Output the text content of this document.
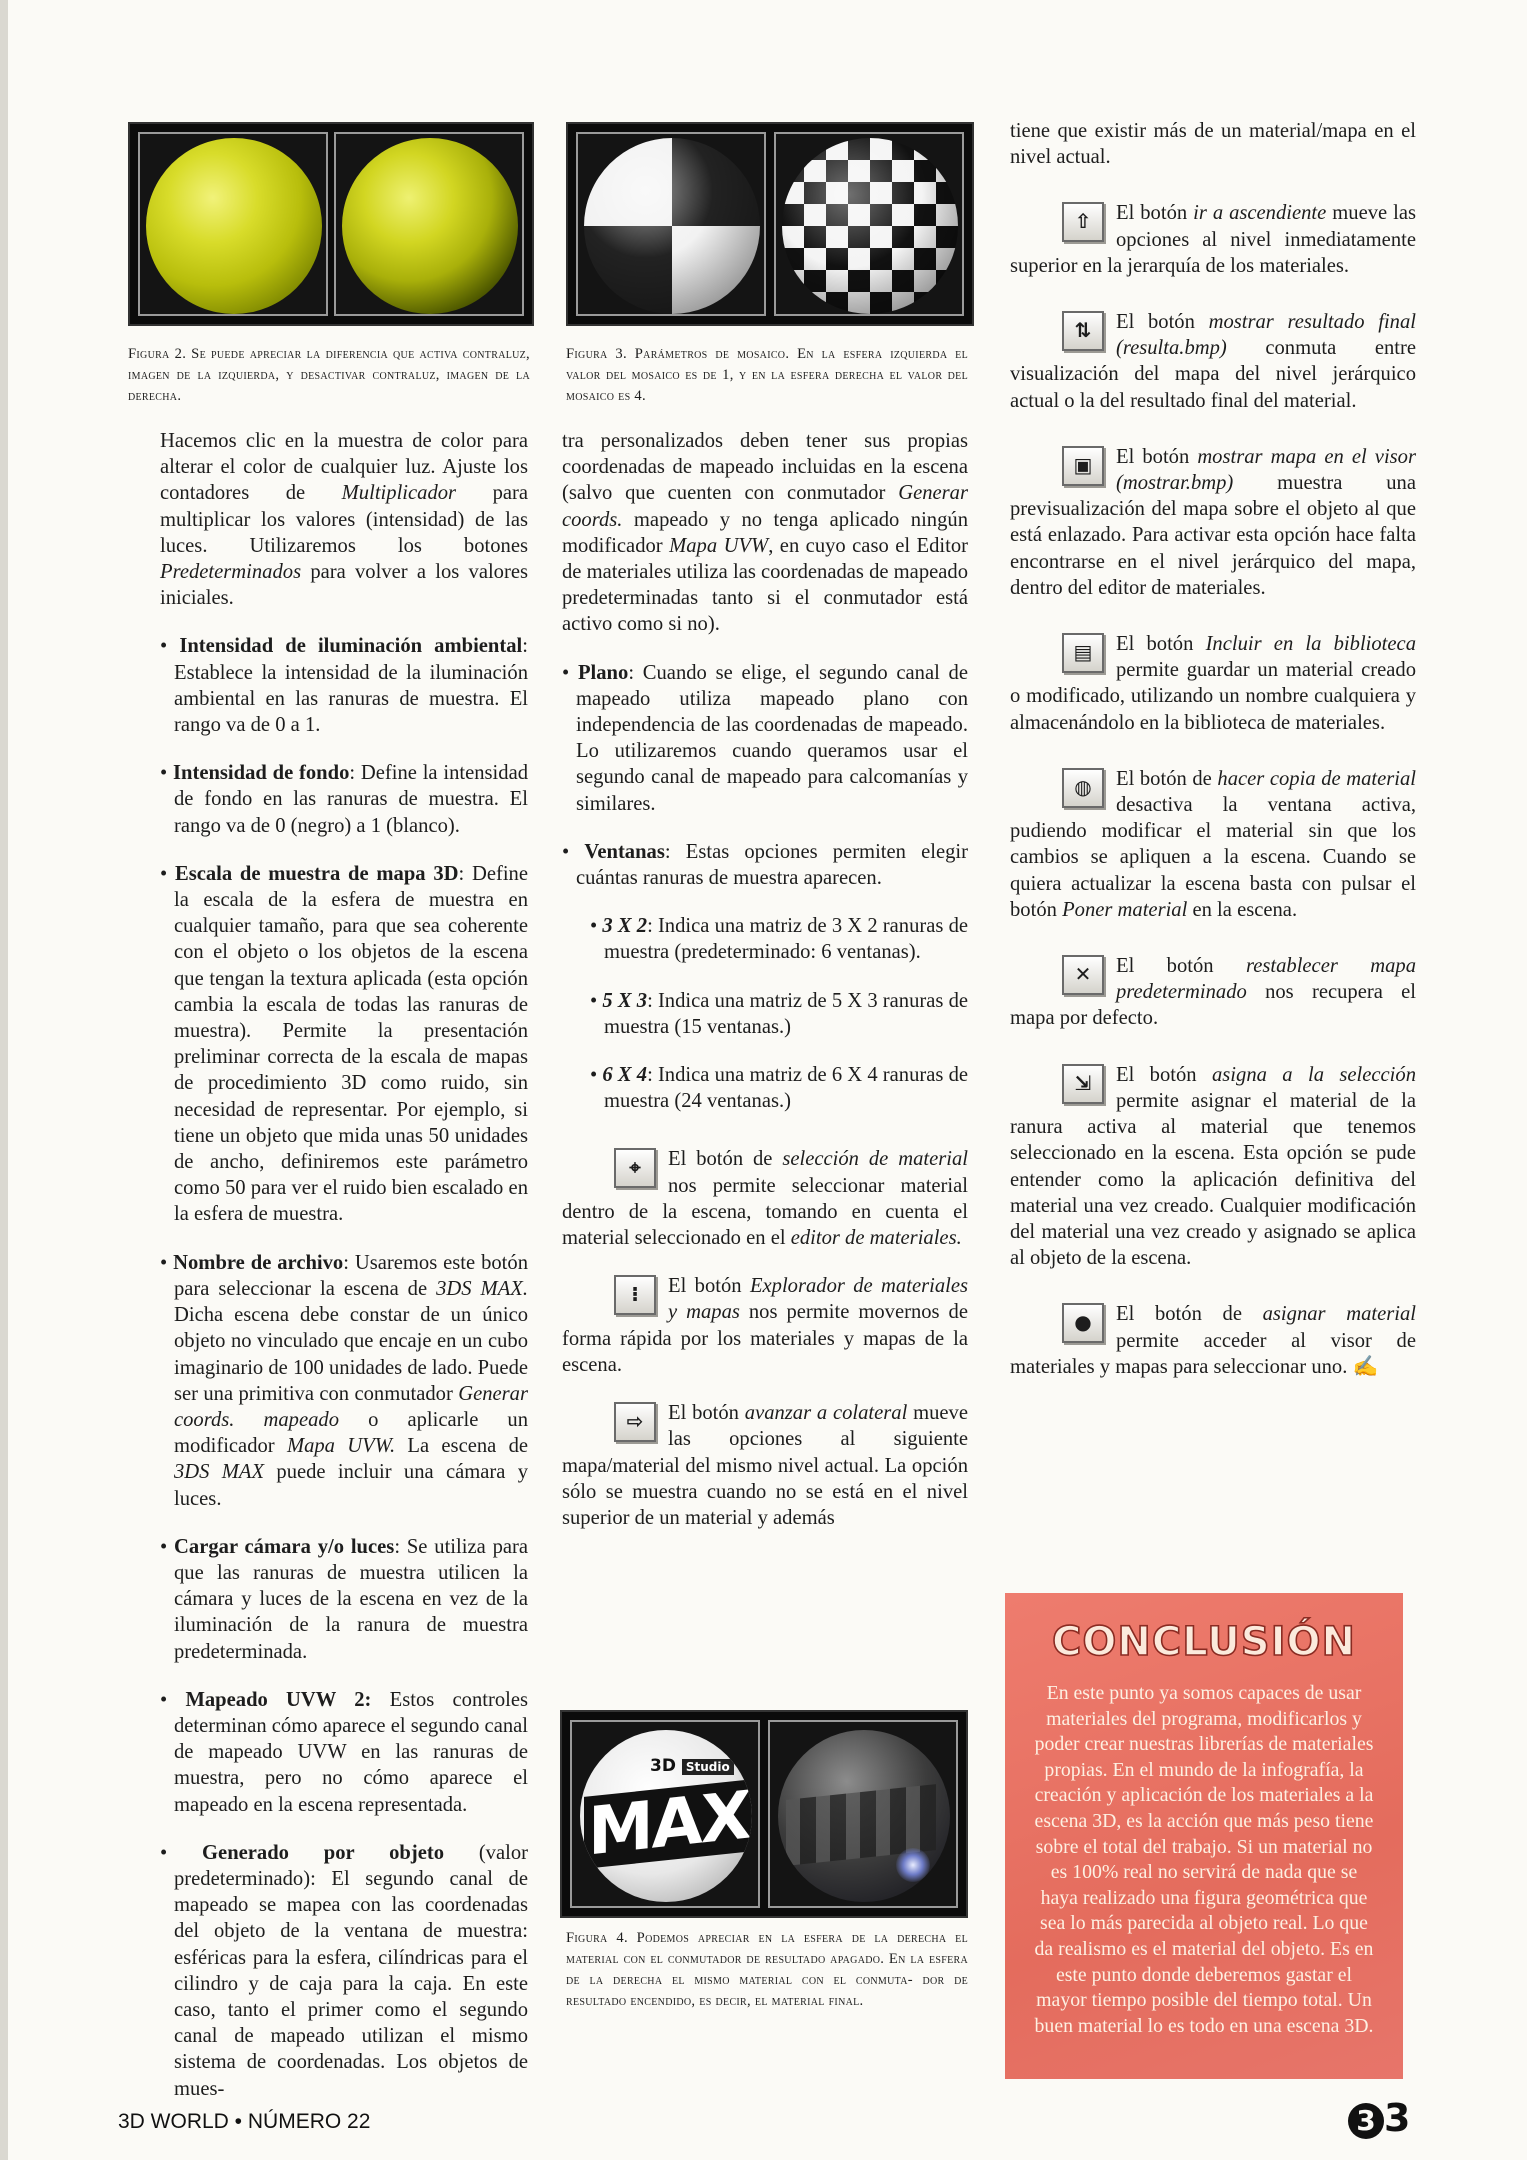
Figura 2. Se puede apreciar la diferencia que activa contraluz, imagen de la izquierda, y desactivar contraluz, imagen de la derecha.
Figura 3. Parámetros de mosaico. En la esfera izquierda el valor del mosaico es de 1, y en la esfera derecha el valor del mosaico es 4.

Hacemos clic en la muestra de color para alterar el color de cualquier luz. Ajuste los contadores de Multiplicador para multiplicar los valores (intensidad) de las luces. Utilizaremos los botones Predeterminados para volver a los valores iniciales.

• Intensidad de iluminación ambiental: Establece la intensidad de la iluminación ambiental en las ranuras de muestra. El rango va de 0 a 1.

• Intensidad de fondo: Define la intensidad de fondo en las ranuras de muestra. El rango va de 0 (negro) a 1 (blanco).

• Escala de muestra de mapa 3D: Define la escala de la esfera de muestra en cualquier tamaño, para que sea coherente con el objeto o los objetos de la escena que tengan la textura aplicada (esta opción cambia la escala de todas las ranuras de muestra). Permite la presentación preliminar correcta de la escala de mapas de procedimiento 3D como ruido, sin necesidad de representar. Por ejemplo, si tiene un objeto que mida unas 50 unidades de ancho, definiremos este parámetro como 50 para ver el ruido bien escalado en la esfera de muestra.

• Nombre de archivo: Usaremos este botón para seleccionar la escena de 3DS MAX. Dicha escena debe constar de un único objeto no vinculado que encaje en un cubo imaginario de 100 unidades de lado. Puede ser una primitiva con conmutador Generar coords. mapeado o aplicarle un modificador Mapa UVW. La escena de 3DS MAX puede incluir una cámara y luces.

• Cargar cámara y/o luces: Se utiliza para que las ranuras de muestra utilicen la cámara y luces de la escena en vez de la iluminación de la ranura de muestra predeterminada.

• Mapeado UVW 2: Estos controles determinan cómo aparece el segundo canal de mapeado UVW en las ranuras de muestra, pero no cómo aparece el mapeado en la escena representada.

• Generado por objeto (valor predeterminado): El segundo canal de mapeado se mapea con las coordenadas del objeto de la ventana de muestra: esféricas para la esfera, cilíndricas para el cilindro y de caja para la caja. En este caso, tanto el primer como el segundo canal de mapeado utilizan el mismo sistema de coordenadas. Los objetos de mues-

tra personalizados deben tener sus propias coordenadas de mapeado incluidas en la escena (salvo que cuenten con conmutador Generar coords. mapeado y no tenga aplicado ningún modificador Mapa UVW, en cuyo caso el Editor de materiales utiliza las coordenadas de mapeado predeterminadas tanto si el conmutador está activo como si no).

• Plano: Cuando se elige, el segundo canal de mapeado utiliza mapeado plano con independencia de las coordenadas de mapeado. Lo utilizaremos cuando queramos usar el segundo canal de mapeado para calcomanías y similares.

• Ventanas: Estas opciones permiten elegir cuántas ranuras de muestra aparecen.

• 3 X 2: Indica una matriz de 3 X 2 ranuras de muestra (predeterminado: 6 ventanas).

• 5 X 3: Indica una matriz de 5 X 3 ranuras de muestra (15 ventanas.)

• 6 X 4: Indica una matriz de 6 X 4 ranuras de muestra (24 ventanas.)

⌖	El botón de selección de material nos permite seleccionar material dentro de la escena, tomando en cuenta el material seleccionado en el editor de materiales.

⁝	El botón Explorador de materiales y mapas nos permite movernos de forma rápida por los materiales y mapas de la escena.

⇨	El botón avanzar a colateral mueve las opciones al siguiente mapa/material del mismo nivel actual. La opción sólo se muestra cuando no se está en el nivel superior de un material y además

3D Studio
MAX
Figura 4. Podemos apreciar en la esfera de la derecha el material con el conmutador de resultado apagado. En la esfera de la derecha el mismo material con el conmuta- dor de resultado encendido, es decir, el material final.

tiene que existir más de un material/mapa en el nivel actual.

⇧	El botón ir a ascendiente mueve las opciones al nivel inmediatamente superior en la jerarquía de los materiales.

⇅	El botón mostrar resultado final (resulta.bmp) conmuta entre visualización del mapa del nivel jerárquico actual o la del resultado final del material.

▣	El botón mostrar mapa en el visor (mostrar.bmp) muestra una previsualización del mapa sobre el objeto al que está enlazado. Para activar esta opción hace falta encontrarse en el nivel jerárquico del mapa, dentro del editor de materiales.

▤	El botón Incluir en la biblioteca permite guardar un material creado o modificado, utilizando un nombre cualquiera y almacenándolo en la biblioteca de materiales.

◍	El botón de hacer copia de material desactiva la ventana activa, pudiendo modificar el material sin que los cambios se apliquen a la escena. Cuando se quiera actualizar la escena basta con pulsar el botón Poner material en la escena.

✕	El botón restablecer mapa predeterminado nos recupera el mapa por defecto.

⇲	El botón asigna a la selección permite asignar el material de la ranura activa al material que tenemos seleccionado en la escena. Esta opción se pude entender como la aplicación definitiva del material una vez creado. Cualquier modificación del material una vez creado y asignado se aplica al objeto de la escena.

●	El botón de asignar material permite acceder al visor de materiales y mapas para seleccionar uno. ✍

CONCLUSIÓN

En este punto ya somos capaces de usar materiales del programa, modificarlos y poder crear nuestras librerías de materiales propias. En el mundo de la infografía, la creación y aplicación de los materiales a la escena 3D, es la acción que más peso tiene sobre el total del trabajo. Si un material no es 100% real no servirá de nada que se haya realizado una figura geométrica que sea lo más parecida al objeto real. Lo que da realismo es el material del objeto. Es en este punto donde deberemos gastar el mayor tiempo posible del tiempo total. Un buen material lo es todo en una escena 3D.

3D WORLD • NÚMERO 22	3 3
